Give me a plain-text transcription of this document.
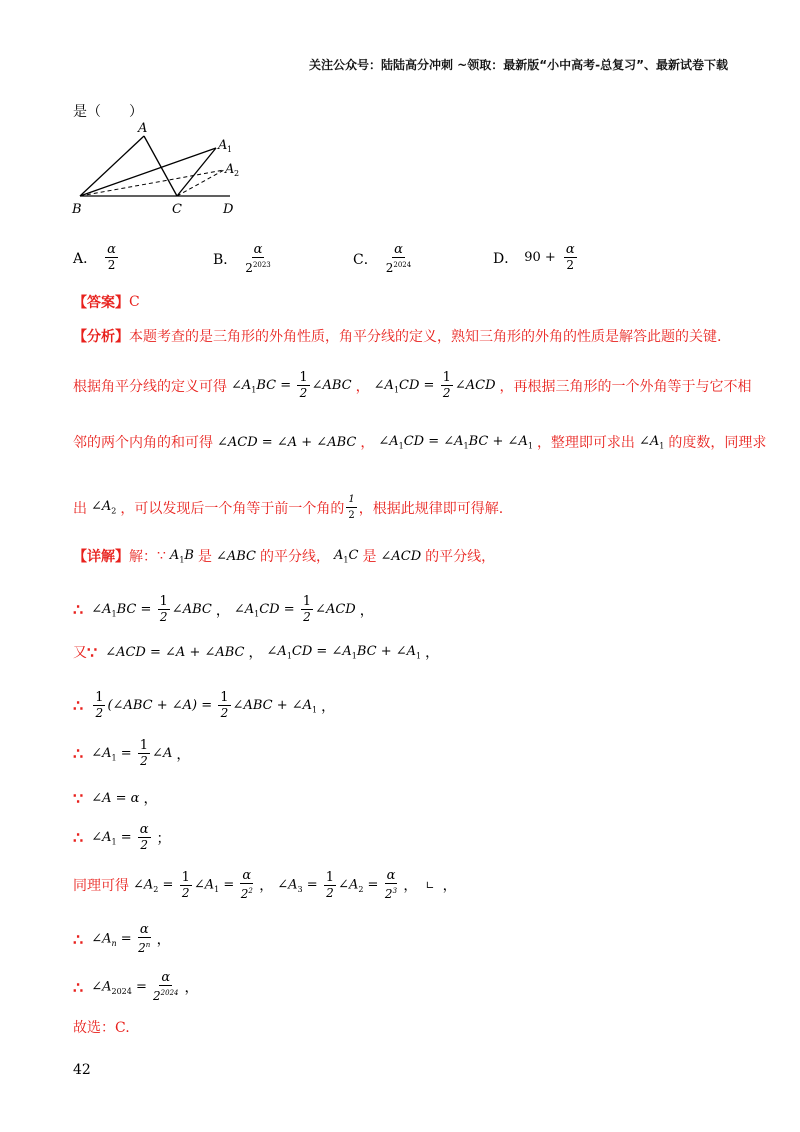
关注公众号：陆陆高分冲刺 ~领取：最新版“小中高考-总复习”、最新试卷下载
是（　　）
A
A 1
A 2
B	C	D
A． $\frac{\alpha}{2}$	B． $\frac{\alpha}{2^{2023}}$	C． $\frac{\alpha}{2^{2024}}$	D． $90 + \frac{\alpha}{2}$
【答案】 C
【分析】 本题考查的是三角形的外角性质，角平分线的定义，熟知三角形的外角的性质是解答此题的关键.
根据角平分线的定义可得 $\angle A_1BC = \frac{1}{2}$ ∠ABC ， $\angle A_1CD = \frac{1}{2}$ ∠ACD ，再根据三角形的一个外角等于与它不相
邻的两个内角的和可得 ∠ACD = ∠A + ∠ABC ， $\angle A_1CD$ = $\angle A_1BC$ + $\angle A_1$ ，整理即可求出 $\angle A_1$ 的度数，同理求
出 $\angle A_2$ ，可以发现后一个角等于前一个角的 $\frac{1}{2}$ ，根据此规律即可得解.
【详解】 解： ∵ $A_1B$ 是 ∠ABC 的平分线， $A_1C$ 是 ∠ACD 的平分线，
∴ $\angle A_1BC = \frac{1}{2}$ ∠ABC ， $\angle A_1CD = \frac{1}{2}$ ∠ACD ，
又 ∵ ∠ACD = ∠A + ∠ABC ， $\angle A_1CD$ = $\angle A_1BC$ + $\angle A_1$ ，
∴ $\frac{1}{2}$ (∠ABC + ∠A) = $\frac{1}{2}$ ∠ABC + $\angle A_1$ ，
∴ $\angle A_1 = \frac{1}{2}$ ∠A ，
∵ ∠A = α ，
∴ $\angle A_1 = \frac{\alpha}{2}$ ；
同理可得 $\angle A_2 = \frac{1}{2}$ $\angle A_1 = \frac{\alpha}{2^2}$ ， $\angle A_3 = \frac{1}{2}$ $\angle A_2 = \frac{\alpha}{2^3}$ ， ∟ ，
∴ $\angle A_n = \frac{\alpha}{2^n}$ ，
∴ $\angle A_{2024} = \frac{\alpha}{2^{2024}}$ ，
故选：C.
42
